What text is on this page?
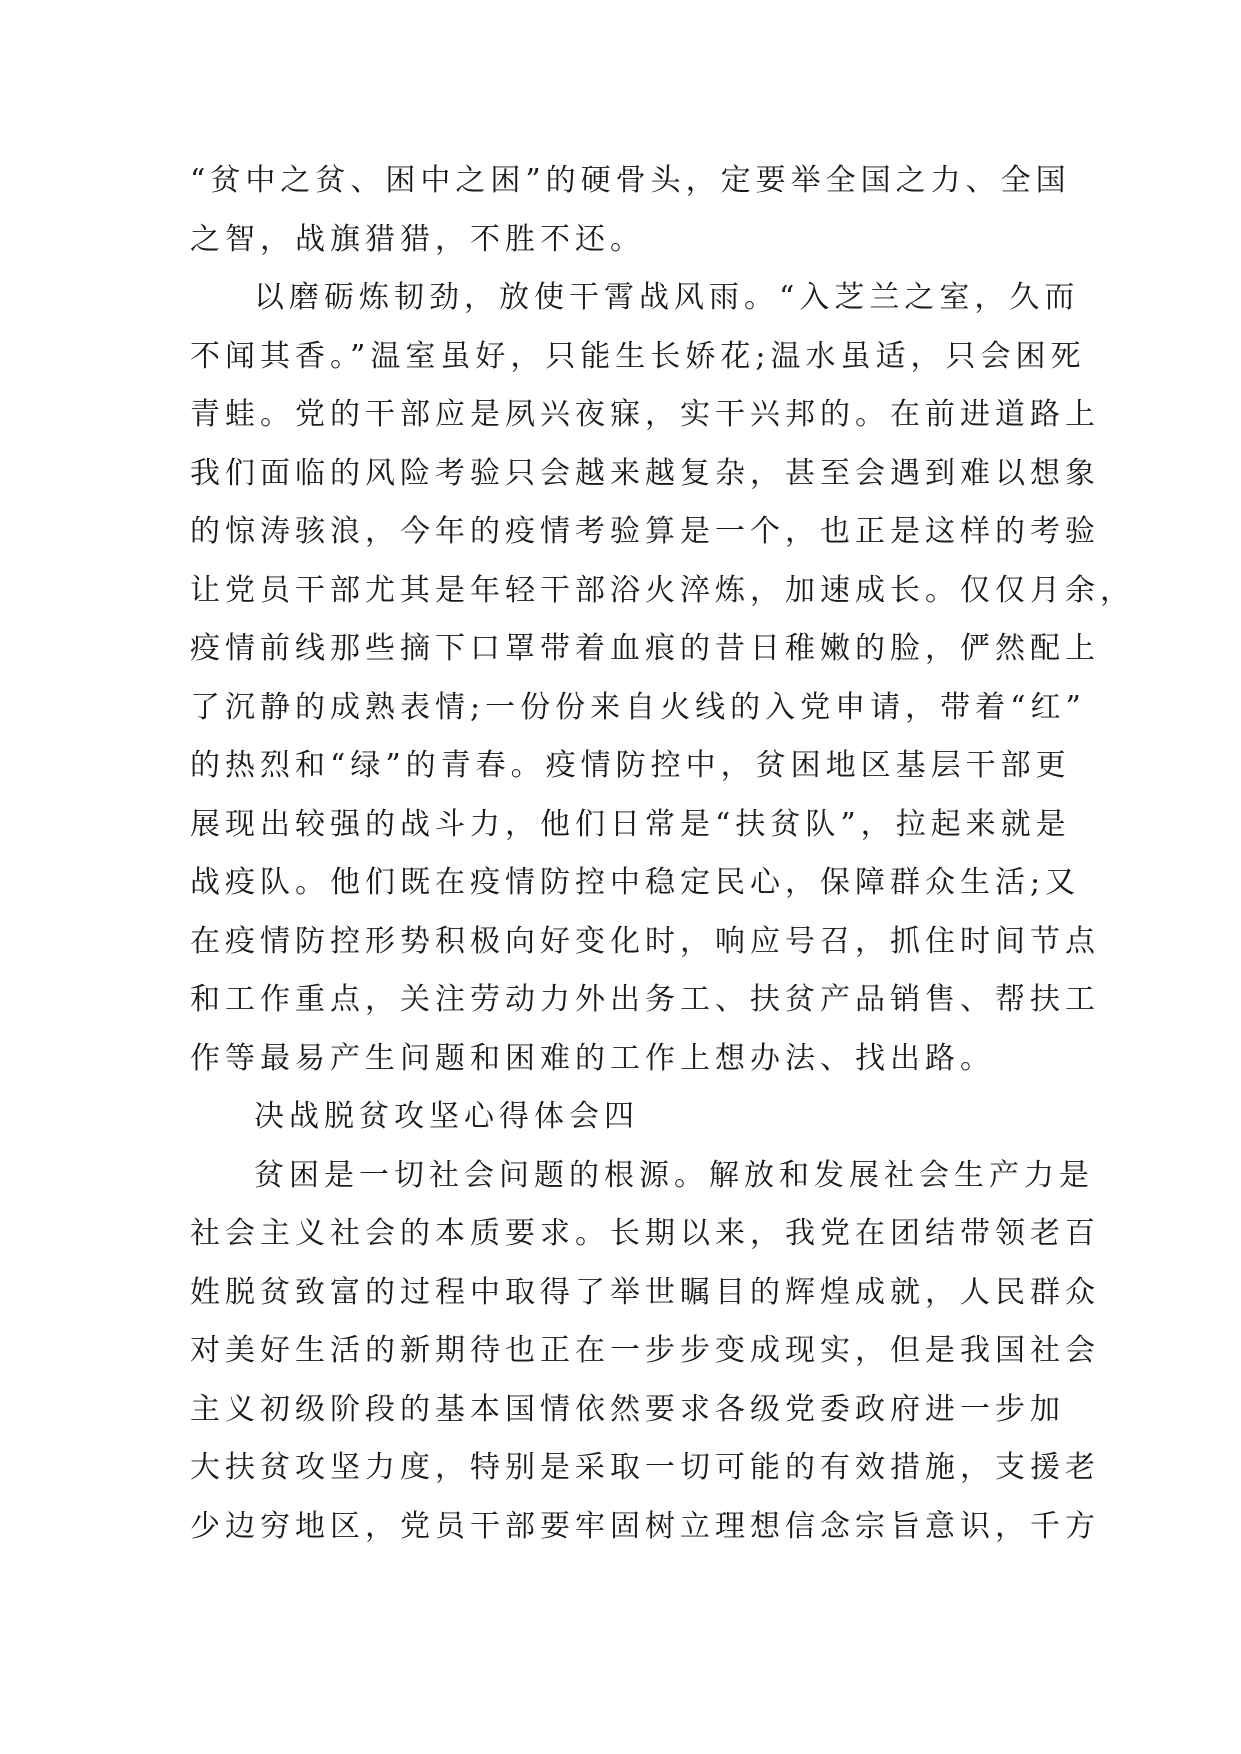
“贫中之贫、困中之困”的硬骨头，定要举全国之力、全国
之智，战旗猎猎，不胜不还。
以磨砺炼韧劲，放使干霄战风雨。“入芝兰之室，久而
不闻其香。”温室虽好，只能生长娇花;温水虽适，只会困死
青蛙。党的干部应是夙兴夜寐，实干兴邦的。在前进道路上
我们面临的风险考验只会越来越复杂，甚至会遇到难以想象
的惊涛骇浪，今年的疫情考验算是一个，也正是这样的考验
让党员干部尤其是年轻干部浴火淬炼，加速成长。仅仅月余，
疫情前线那些摘下口罩带着血痕的昔日稚嫩的脸，俨然配上
了沉静的成熟表情;一份份来自火线的入党申请，带着“红”
的热烈和“绿”的青春。疫情防控中，贫困地区基层干部更
展现出较强的战斗力，他们日常是“扶贫队”，拉起来就是
战疫队。他们既在疫情防控中稳定民心，保障群众生活;又
在疫情防控形势积极向好变化时，响应号召，抓住时间节点
和工作重点，关注劳动力外出务工、扶贫产品销售、帮扶工
作等最易产生问题和困难的工作上想办法、找出路。
决战脱贫攻坚心得体会四
贫困是一切社会问题的根源。解放和发展社会生产力是
社会主义社会的本质要求。长期以来，我党在团结带领老百
姓脱贫致富的过程中取得了举世瞩目的辉煌成就，人民群众
对美好生活的新期待也正在一步步变成现实，但是我国社会
主义初级阶段的基本国情依然要求各级党委政府进一步加
大扶贫攻坚力度，特别是采取一切可能的有效措施，支援老
少边穷地区，党员干部要牢固树立理想信念宗旨意识，千方
